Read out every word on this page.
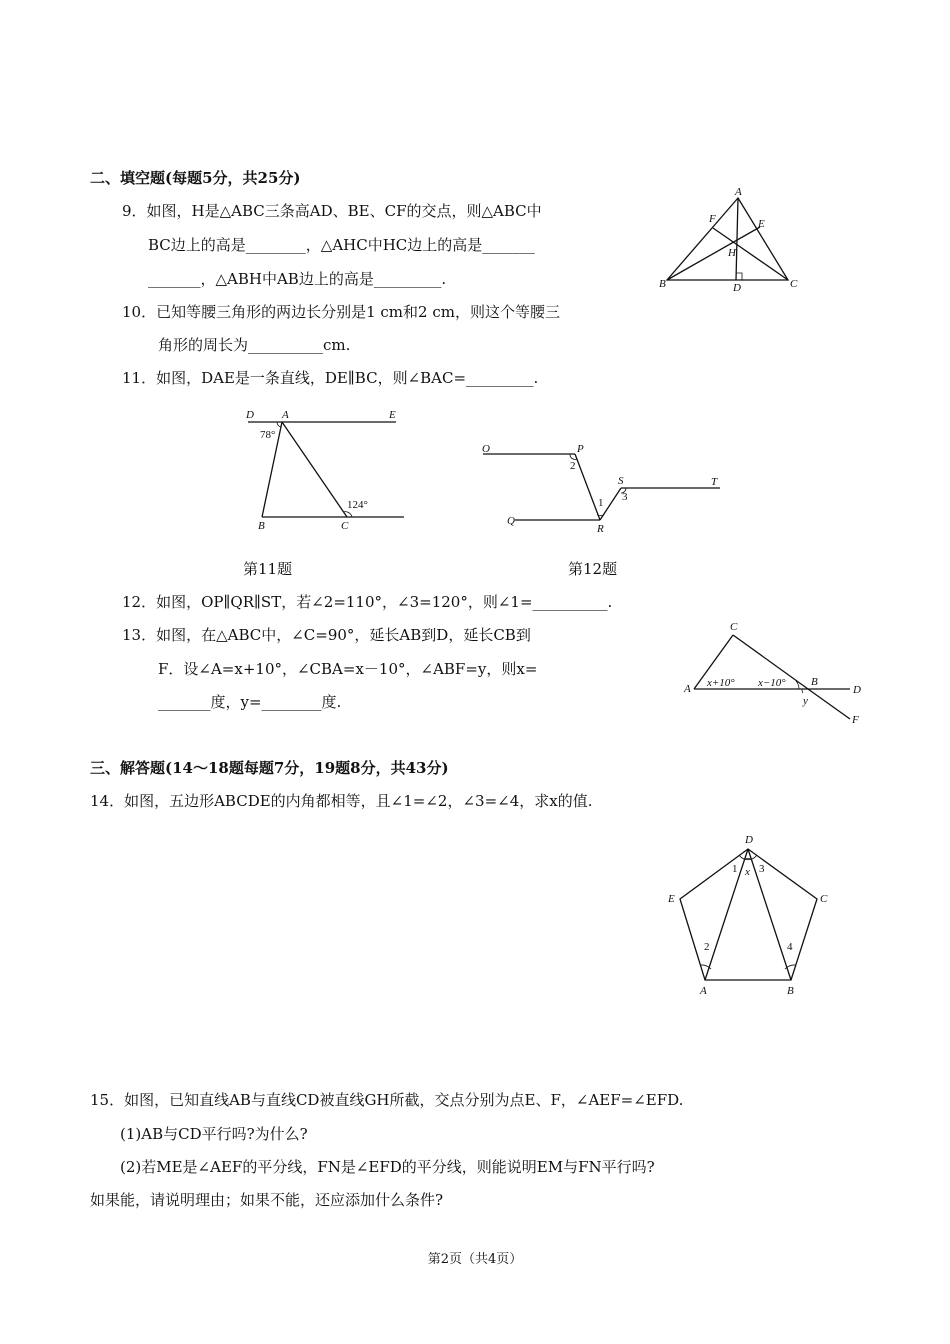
二、填空题(每题5分，共25分)
9．如图，H是△ABC三条高AD、BE、CF的交点，则△ABC中
BC边上的高是________，△AHC中HC边上的高是_______
_______，△ABH中AB边上的高是_________.
10．已知等腰三角形的两边长分别是1 cm和2 cm，则这个等腰三
角形的周长为__________cm.
11．如图，DAE是一条直线，DE∥BC，则∠BAC=_________.
A
F	E
H
B	D	C
D	A	E
B	C
78°
124°
O	P
Q
R
S	T
2
1 3
第11题	第12题
12．如图，OP∥QR∥ST，若∠2=110°，∠3=120°，则∠1=__________.
13．如图，在△ABC中，∠C=90°，延长AB到D，延长CB到
F．设∠A=x+10°，∠CBA=x－10°，∠ABF=y，则x=
_______度，y=________度.
C
A
B
D
F
x+10° x−10°
y
三、解答题(14～18题每题7分，19题8分，共43分)
14．如图，五边形ABCDE的内角都相等，且∠1=∠2，∠3=∠4，求x的值.
D
E	C
A	B
1 x 3
2	4
15．如图，已知直线AB与直线CD被直线GH所截，交点分别为点E、F，∠AEF=∠EFD.
(1)AB与CD平行吗?为什么?
(2)若ME是∠AEF的平分线，FN是∠EFD的平分线，则能说明EM与FN平行吗?
如果能，请说明理由；如果不能，还应添加什么条件?
第2页（共4页）
